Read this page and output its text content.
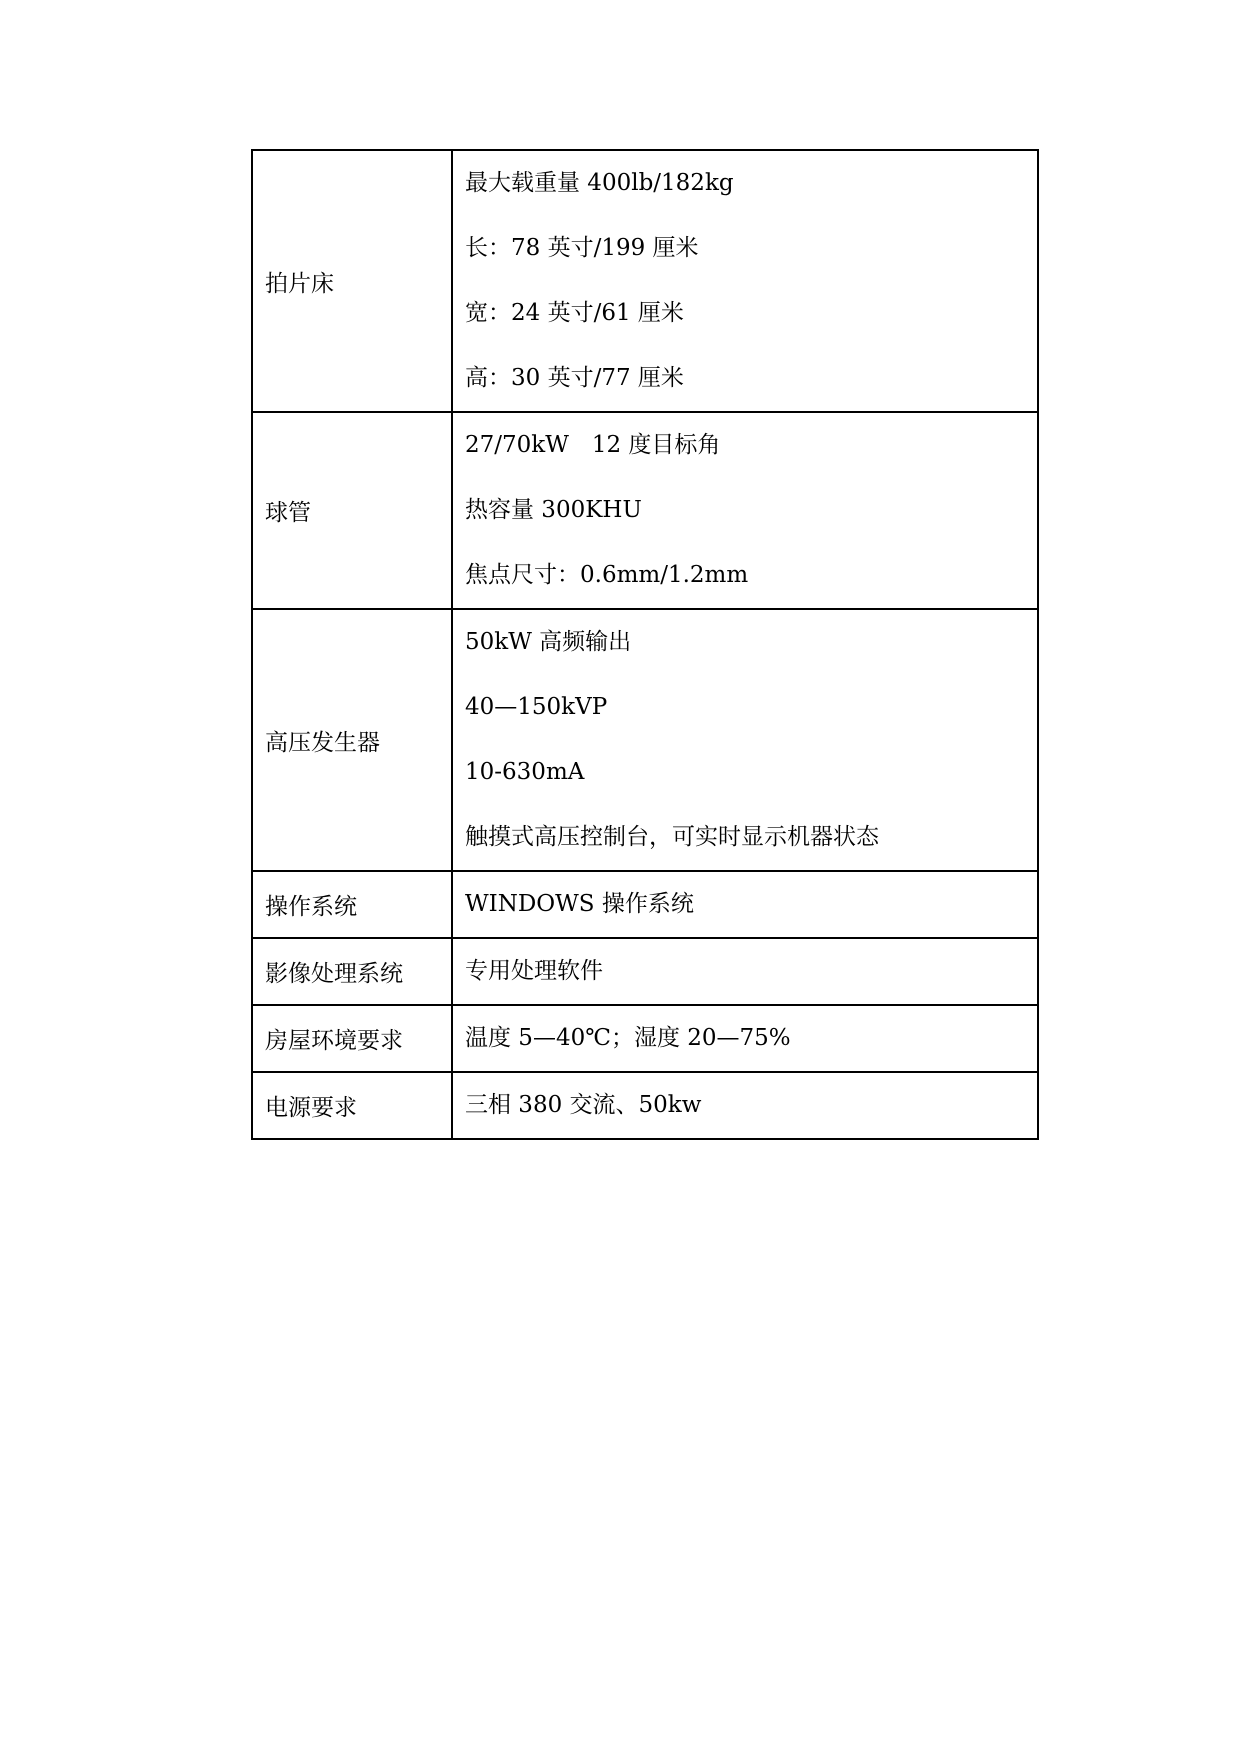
拍片床	最大载重量 400lb/182kg
长：78 英寸/199 厘米
宽：24 英寸/61 厘米
高：30 英寸/77 厘米

球管	27/70kW　12 度目标角
热容量 300KHU
焦点尺寸：0.6mm/1.2mm

高压发生器	50kW 高频输出
40—150kVP
10-630mA
触摸式高压控制台，可实时显示机器状态

操作系统	WINDOWS 操作系统

影像处理系统	专用处理软件

房屋环境要求	温度 5—40℃；湿度 20—75%

电源要求	三相 380 交流、50kw
